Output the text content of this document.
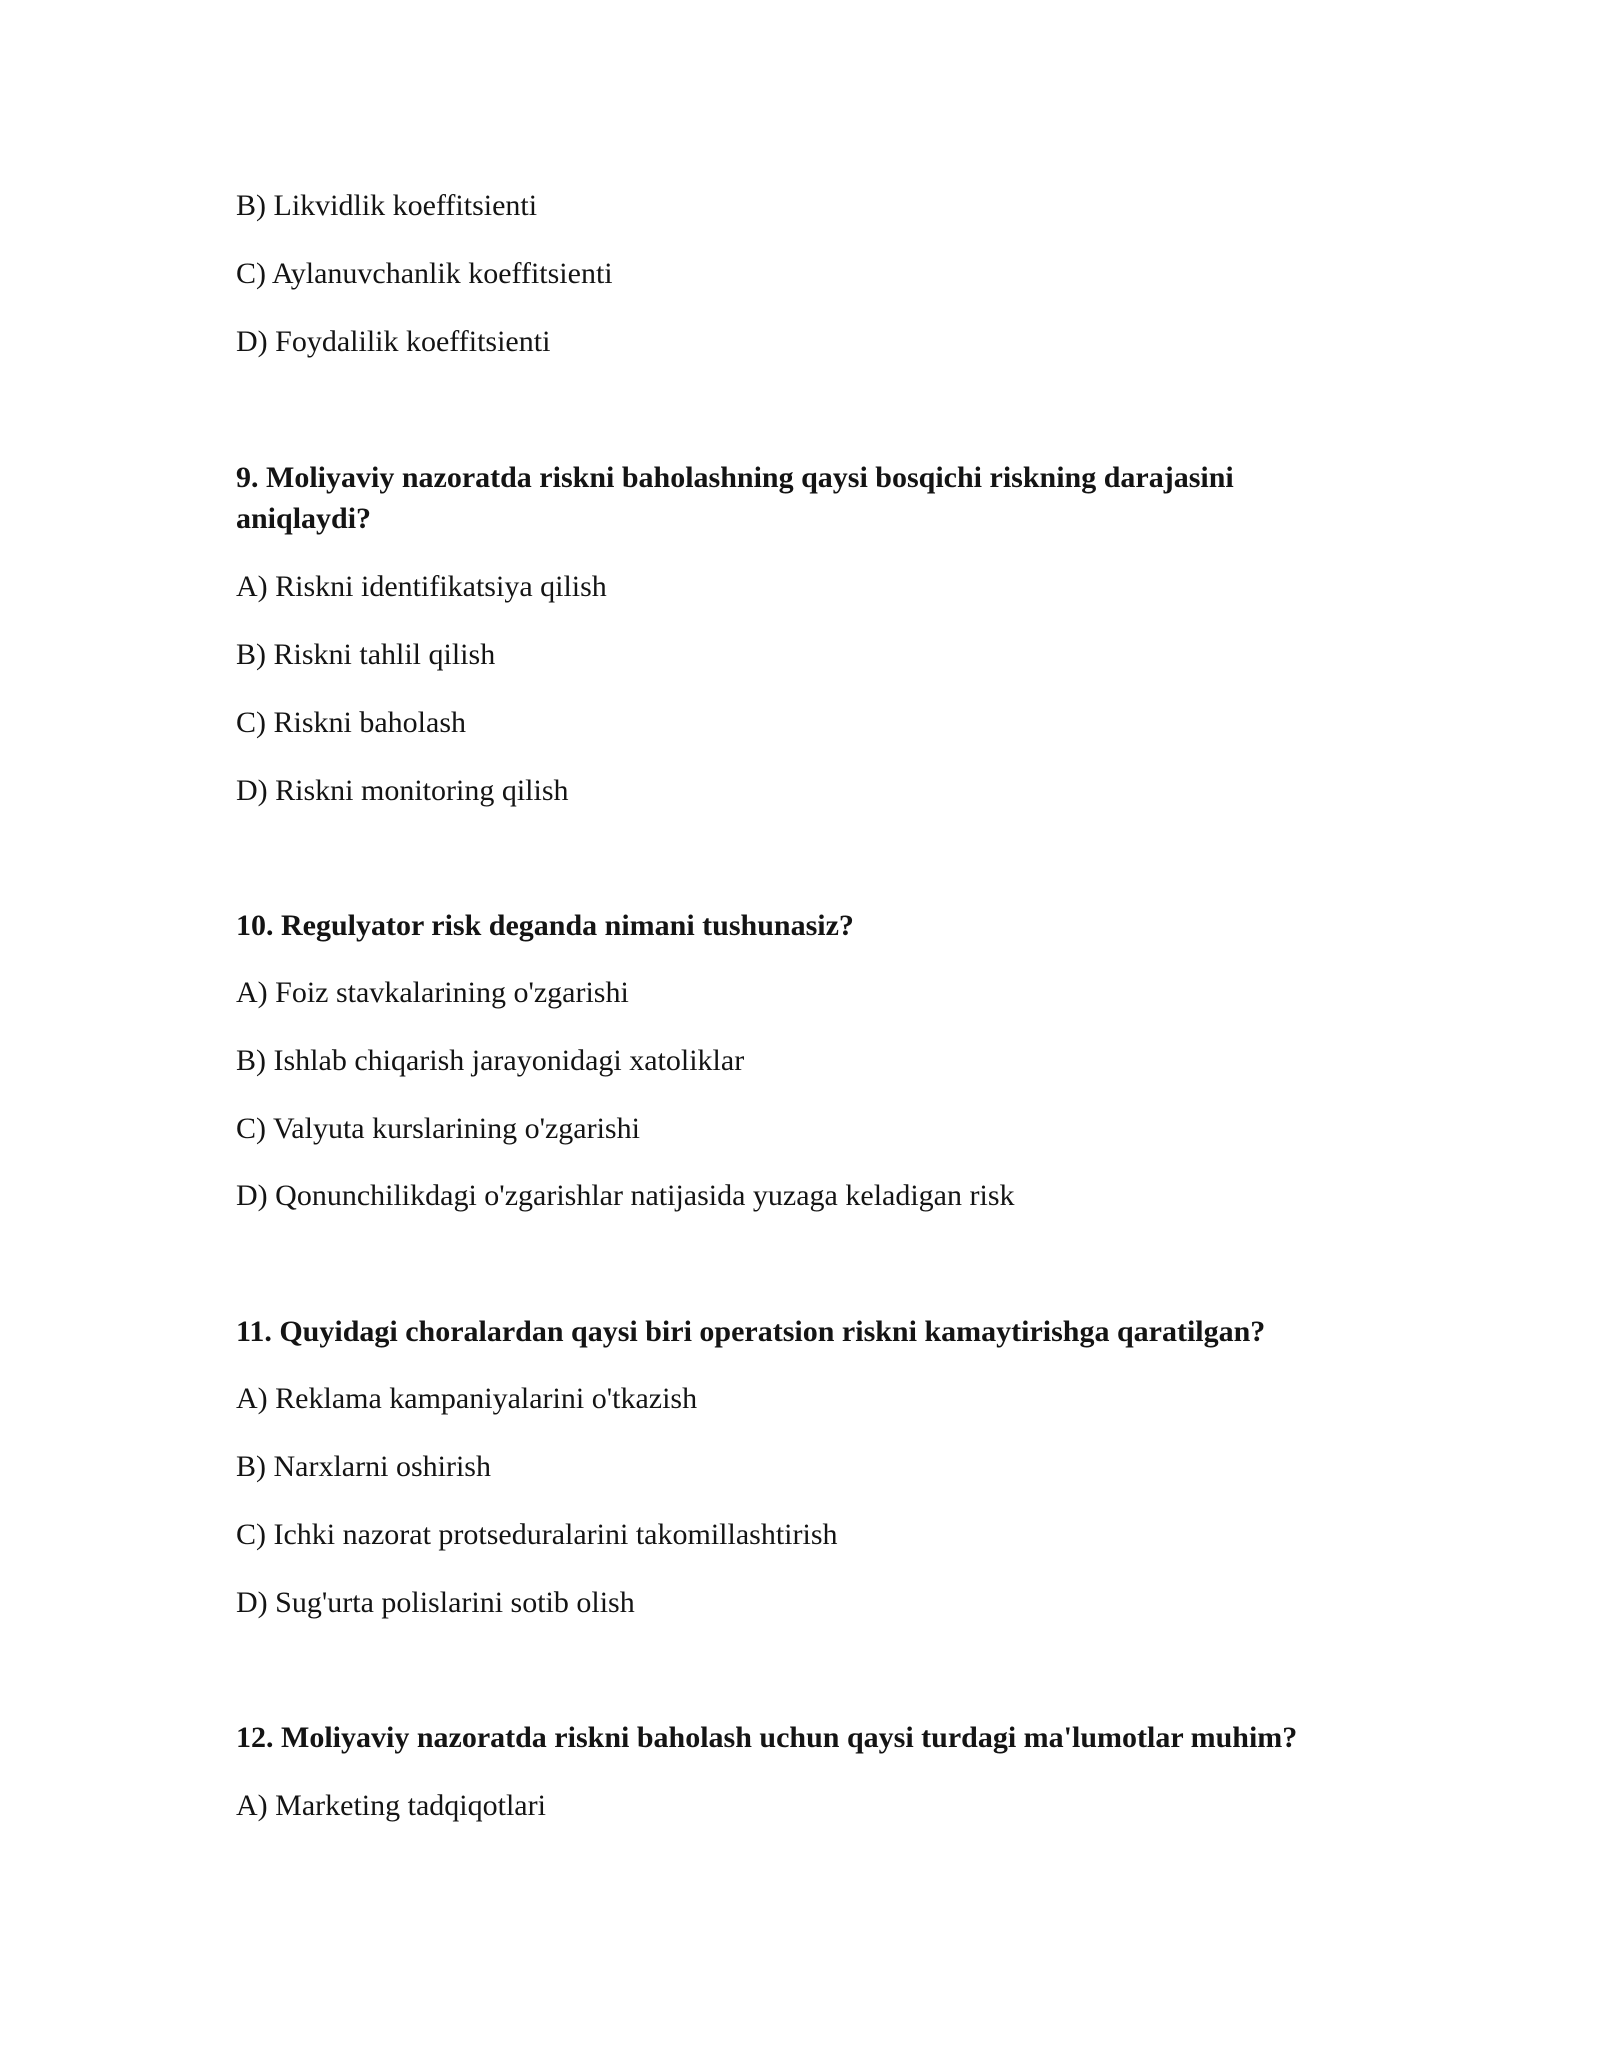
B) Likvidlik koeffitsienti
C) Aylanuvchanlik koeffitsienti
D) Foydalilik koeffitsienti
9. Moliyaviy nazoratda riskni baholashning qaysi bosqichi riskning darajasini
aniqlaydi?
A) Riskni identifikatsiya qilish
B) Riskni tahlil qilish
C) Riskni baholash
D) Riskni monitoring qilish
10. Regulyator risk deganda nimani tushunasiz?
A) Foiz stavkalarining o'zgarishi
B) Ishlab chiqarish jarayonidagi xatoliklar
C) Valyuta kurslarining o'zgarishi
D) Qonunchilikdagi o'zgarishlar natijasida yuzaga keladigan risk
11. Quyidagi choralardan qaysi biri operatsion riskni kamaytirishga qaratilgan?
A) Reklama kampaniyalarini o'tkazish
B) Narxlarni oshirish
C) Ichki nazorat protseduralarini takomillashtirish
D) Sug'urta polislarini sotib olish
12. Moliyaviy nazoratda riskni baholash uchun qaysi turdagi ma'lumotlar muhim?
A) Marketing tadqiqotlari
